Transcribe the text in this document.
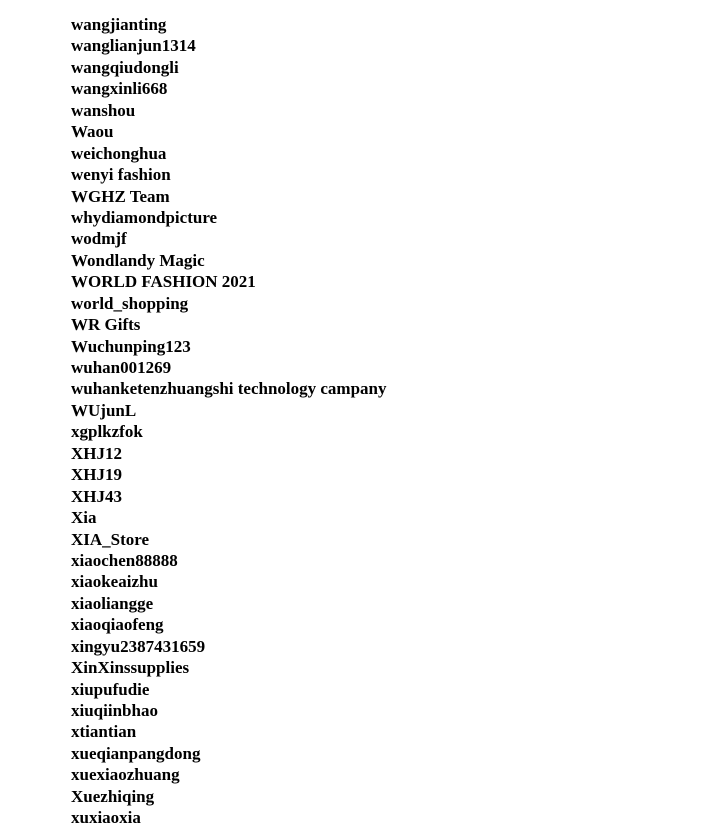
wangjianting
wanglianjun1314
wangqiudongli
wangxinli668
wanshou
Waou
weichonghua
wenyi fashion
WGHZ Team
whydiamondpicture
wodmjf
Wondlandy Magic
WORLD FASHION 2021
world_shopping
WR Gifts
Wuchunping123
wuhan001269
wuhanketenzhuangshi technology campany
WUjunL
xgplkzfok
XHJ12
XHJ19
XHJ43
Xia
XIA_Store
xiaochen88888
xiaokeaizhu
xiaoliangge
xiaoqiaofeng
xingyu2387431659
XinXinssupplies
xiupufudie
xiuqiinbhao
xtiantian
xueqianpangdong
xuexiaozhuang
Xuezhiqing
xuxiaoxia
